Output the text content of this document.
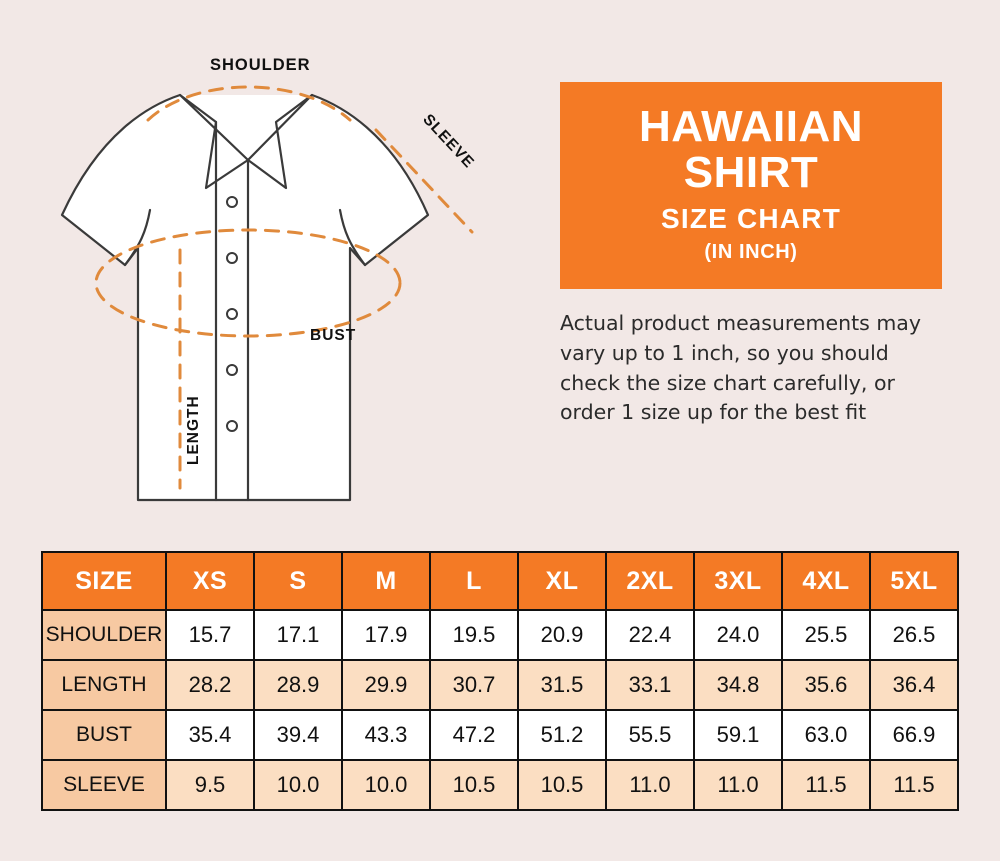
SHOULDER
SLEEVE
BUST
LENGTH
HAWAIIAN
SHIRT
SIZE CHART
(IN INCH)
Actual product measurements may vary up to 1 inch, so you should check the size chart carefully, or order 1 size up for the best fit
SIZE	XS	S	M	L	XL	2XL	3XL	4XL	5XL
SHOULDER	15.7	17.1	17.9	19.5	20.9	22.4	24.0	25.5	26.5
LENGTH	28.2	28.9	29.9	30.7	31.5	33.1	34.8	35.6	36.4
BUST	35.4	39.4	43.3	47.2	51.2	55.5	59.1	63.0	66.9
SLEEVE	9.5	10.0	10.0	10.5	10.5	11.0	11.0	11.5	11.5
